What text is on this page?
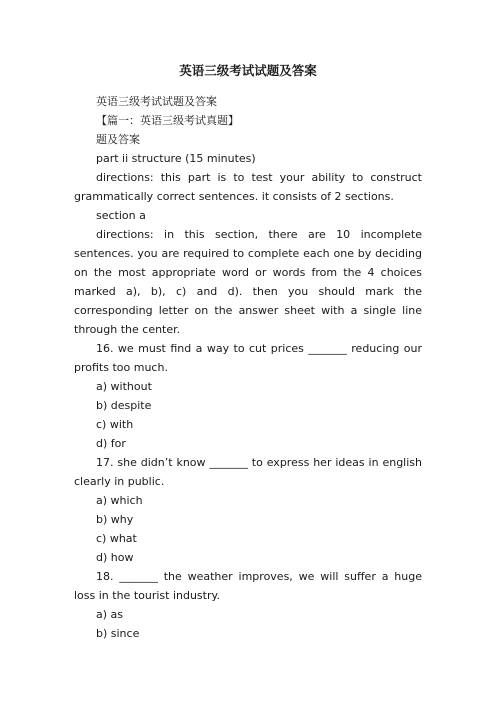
英语三级考试试题及答案

英语三级考试试题及答案

【篇一：英语三级考试真题】

题及答案

part ii structure (15 minutes)

directions: this part is to test your ability to construct grammatically correct sentences. it consists of 2 sections.

section a

directions: in this section, there are 10 incomplete sentences. you are required to complete each one by deciding on the most appropriate word or words from the 4 choices marked a), b), c) and d). then you should mark the corresponding letter on the answer sheet with a single line through the center.

16. we must find a way to cut prices _______ reducing our profits too much.

a) without

b) despite

c) with

d) for

17. she didn’t know _______ to express her ideas in english clearly in public.

a) which

b) why

c) what

d) how

18. _______ the weather improves, we will suffer a huge loss in the tourist industry.

a) as

b) since
